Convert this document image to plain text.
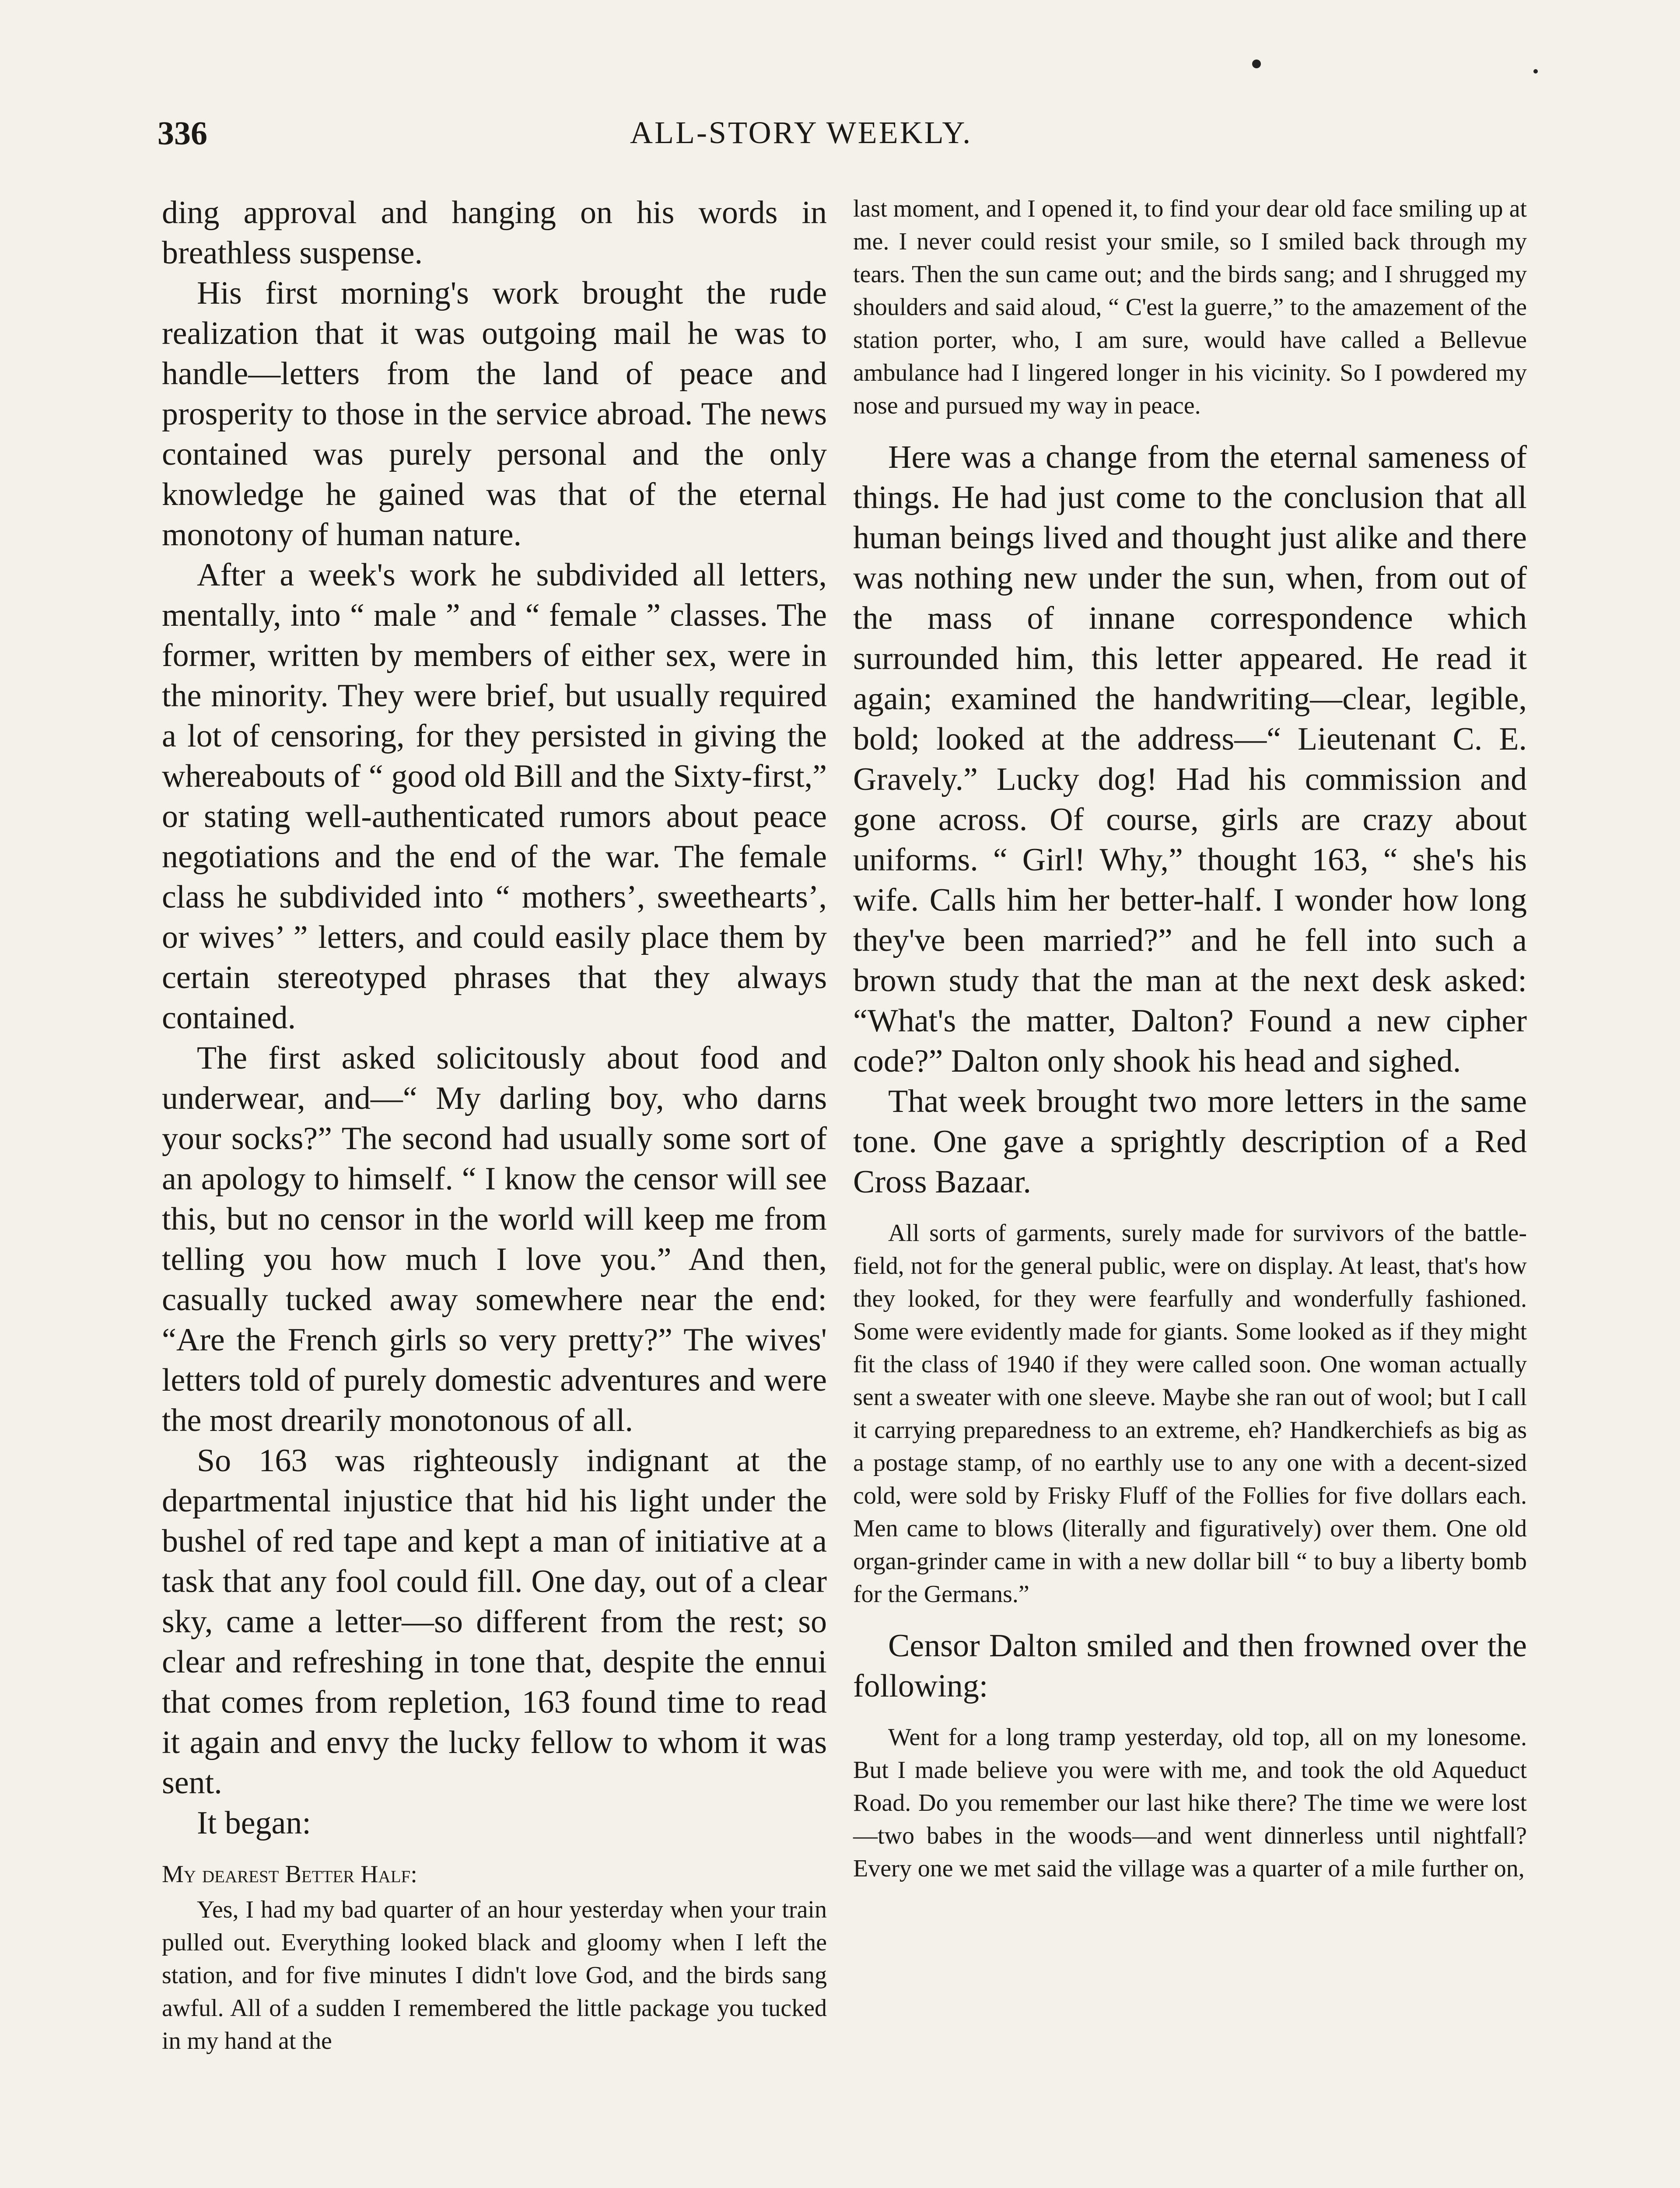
336	ALL-STORY WEEKLY.

ding approval and hanging on his words in breathless suspense.

His first morning's work brought the rude realization that it was outgoing mail he was to handle—letters from the land of peace and prosperity to those in the service abroad. The news contained was purely personal and the only knowledge he gained was that of the eternal monotony of human nature.

After a week's work he subdivided all letters, mentally, into “ male ” and “ female ” classes. The former, written by members of either sex, were in the minority. They were brief, but usually required a lot of censoring, for they persisted in giving the whereabouts of “ good old Bill and the Sixty-first,” or stating well-authenticated rumors about peace negotiations and the end of the war. The female class he subdivided into “ mothers’, sweethearts’, or wives’ ” letters, and could easily place them by certain stereotyped phrases that they always contained.

The first asked solicitously about food and underwear, and—“ My darling boy, who darns your socks?” The second had usually some sort of an apology to himself. “ I know the censor will see this, but no censor in the world will keep me from telling you how much I love you.” And then, casually tucked away somewhere near the end: “Are the French girls so very pretty?” The wives' letters told of purely domestic adventures and were the most drearily monotonous of all.

So 163 was righteously indignant at the departmental injustice that hid his light under the bushel of red tape and kept a man of initiative at a task that any fool could fill. One day, out of a clear sky, came a letter—so different from the rest; so clear and refreshing in tone that, despite the ennui that comes from repletion, 163 found time to read it again and envy the lucky fellow to whom it was sent.

It began:

My dearest Better Half:

Yes, I had my bad quarter of an hour yesterday when your train pulled out. Everything looked black and gloomy when I left the station, and for five minutes I didn't love God, and the birds sang awful. All of a sudden I remembered the little package you tucked in my hand at the

last moment, and I opened it, to find your dear old face smiling up at me. I never could resist your smile, so I smiled back through my tears. Then the sun came out; and the birds sang; and I shrugged my shoulders and said aloud, “ C'est la guerre,” to the amazement of the station porter, who, I am sure, would have called a Bellevue ambulance had I lingered longer in his vicinity. So I powdered my nose and pursued my way in peace.

Here was a change from the eternal sameness of things. He had just come to the conclusion that all human beings lived and thought just alike and there was nothing new under the sun, when, from out of the mass of innane correspondence which surrounded him, this letter appeared. He read it again; examined the handwriting—clear, legible, bold; looked at the address—“ Lieutenant C. E. Gravely.” Lucky dog! Had his commission and gone across. Of course, girls are crazy about uniforms. “ Girl! Why,” thought 163, “ she's his wife. Calls him her better-half. I wonder how long they've been married?” and he fell into such a brown study that the man at the next desk asked: “What's the matter, Dalton? Found a new cipher code?” Dalton only shook his head and sighed.

That week brought two more letters in the same tone. One gave a sprightly description of a Red Cross Bazaar.

All sorts of garments, surely made for survivors of the battle-field, not for the general public, were on display. At least, that's how they looked, for they were fearfully and wonderfully fashioned. Some were evidently made for giants. Some looked as if they might fit the class of 1940 if they were called soon. One woman actually sent a sweater with one sleeve. Maybe she ran out of wool; but I call it carrying preparedness to an extreme, eh? Handkerchiefs as big as a postage stamp, of no earthly use to any one with a decent-sized cold, were sold by Frisky Fluff of the Follies for five dollars each. Men came to blows (literally and figuratively) over them. One old organ-grinder came in with a new dollar bill “ to buy a liberty bomb for the Germans.”

Censor Dalton smiled and then frowned over the following:

Went for a long tramp yesterday, old top, all on my lonesome. But I made believe you were with me, and took the old Aqueduct Road. Do you remember our last hike there? The time we were lost—two babes in the woods—and went dinnerless until nightfall? Every one we met said the village was a quarter of a mile further on,
